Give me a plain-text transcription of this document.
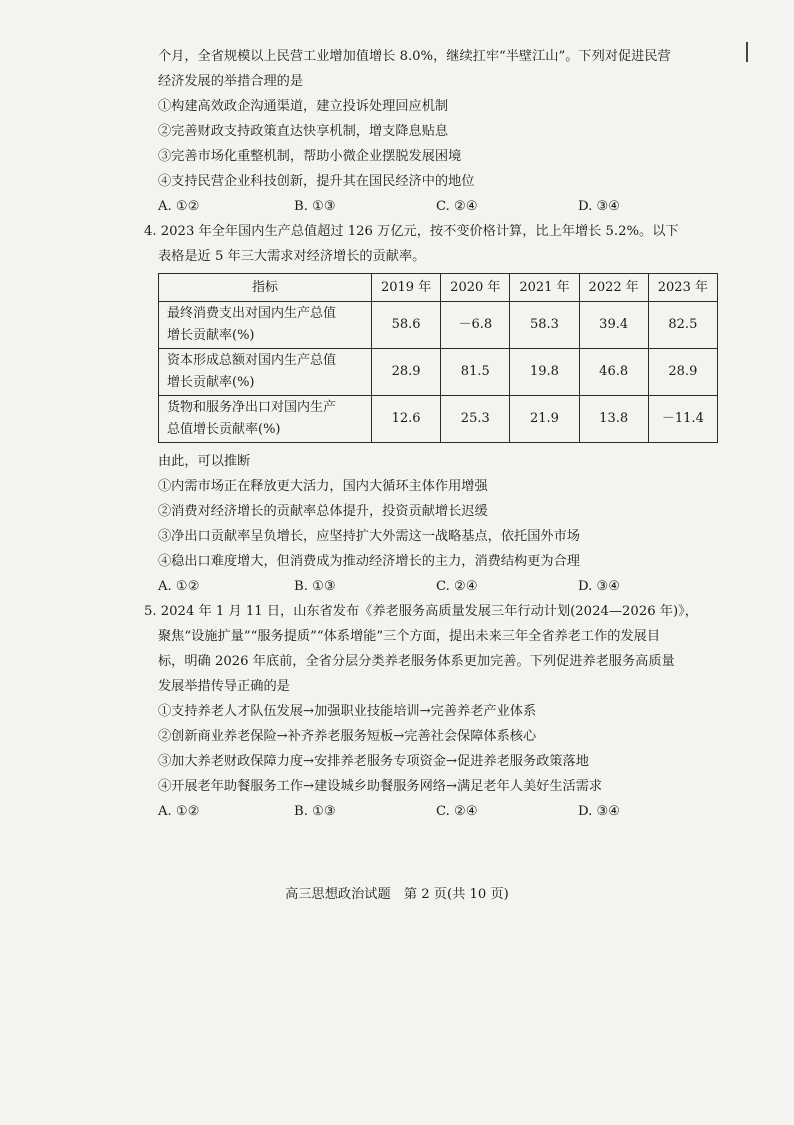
个月，全省规模以上民营工业增加值增长 8.0%，继续扛牢“半壁江山”。下列对促进民营
经济发展的举措合理的是
①构建高效政企沟通渠道，建立投诉处理回应机制
②完善财政支持政策直达快享机制，增支降息贴息
③完善市场化重整机制，帮助小微企业摆脱发展困境
④支持民营企业科技创新，提升其在国民经济中的地位
A. ①②	B. ①③	C. ②④	D. ③④
4. 2023 年全年国内生产总值超过 126 万亿元，按不变价格计算，比上年增长 5.2%。以下
表格是近 5 年三大需求对经济增长的贡献率。
指标	2019 年	2020 年	2021 年	2022 年	2023 年

最终消费支出对国内生产总值
增长贡献率(%)	58.6	－6.8	58.3	39.4	82.5

资本形成总额对国内生产总值
增长贡献率(%)	28.9	81.5	19.8	46.8	28.9

货物和服务净出口对国内生产
总值增长贡献率(%)	12.6	25.3	21.9	13.8	－11.4
由此，可以推断
①内需市场正在释放更大活力，国内大循环主体作用增强
②消费对经济增长的贡献率总体提升，投资贡献增长迟缓
③净出口贡献率呈负增长，应坚持扩大外需这一战略基点，依托国外市场
④稳出口难度增大，但消费成为推动经济增长的主力，消费结构更为合理
A. ①②	B. ①③	C. ②④	D. ③④
5. 2024 年 1 月 11 日，山东省发布《养老服务高质量发展三年行动计划(2024—2026 年)》，
聚焦“设施扩量”“服务提质”“体系增能”三个方面，提出未来三年全省养老工作的发展目
标，明确 2026 年底前，全省分层分类养老服务体系更加完善。下列促进养老服务高质量
发展举措传导正确的是
①支持养老人才队伍发展→加强职业技能培训→完善养老产业体系
②创新商业养老保险→补齐养老服务短板→完善社会保障体系核心
③加大养老财政保障力度→安排养老服务专项资金→促进养老服务政策落地
④开展老年助餐服务工作→建设城乡助餐服务网络→满足老年人美好生活需求
A. ①②	B. ①③	C. ②④	D. ③④
高三思想政治试题　第 2 页(共 10 页)
